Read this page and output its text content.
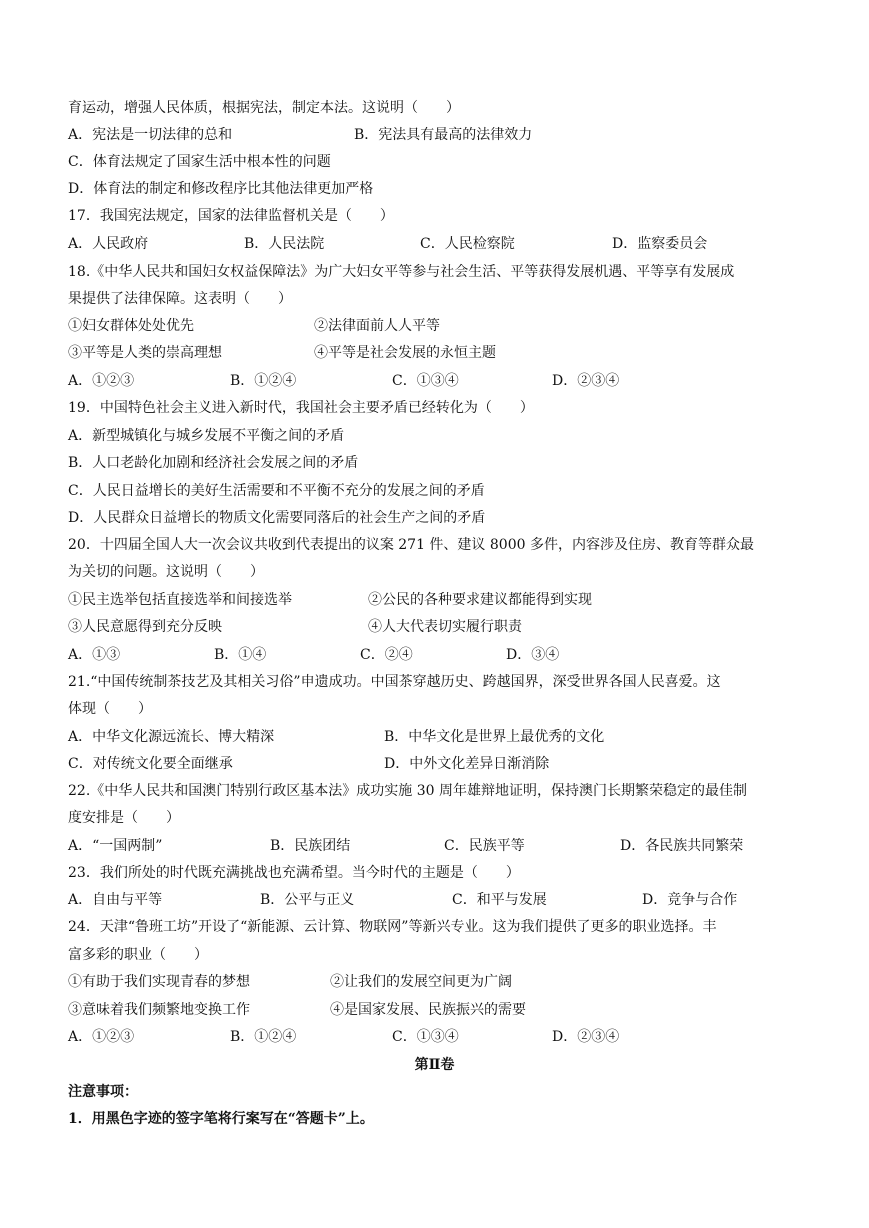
育运动，增强人民体质，根据宪法，制定本法。这说明（　　）
A．宪法是一切法律的总和	B．宪法具有最高的法律效力
C．体育法规定了国家生活中根本性的问题
D．体育法的制定和修改程序比其他法律更加严格
17．我国宪法规定，国家的法律监督机关是（　　）
A．人民政府	B．人民法院	C．人民检察院	D．监察委员会
18.《中华人民共和国妇女权益保障法》为广大妇女平等参与社会生活、平等获得发展机遇、平等享有发展成
果提供了法律保障。这表明（　　）
①妇女群体处处优先	②法律面前人人平等
③平等是人类的崇高理想	④平等是社会发展的永恒主题
A．①②③	B．①②④	C．①③④	D．②③④
19．中国特色社会主义进入新时代，我国社会主要矛盾已经转化为（　　）
A．新型城镇化与城乡发展不平衡之间的矛盾
B．人口老龄化加剧和经济社会发展之间的矛盾
C．人民日益增长的美好生活需要和不平衡不充分的发展之间的矛盾
D．人民群众日益增长的物质文化需要同落后的社会生产之间的矛盾
20．十四届全国人大一次会议共收到代表提出的议案 271 件、建议 8000 多件，内容涉及住房、教育等群众最
为关切的问题。这说明（　　）
①民主选举包括直接选举和间接选举	②公民的各种要求建议都能得到实现
③人民意愿得到充分反映	④人大代表切实履行职责
A．①③	B．①④	C．②④	D．③④
21.“中国传统制茶技艺及其相关习俗”申遗成功。中国茶穿越历史、跨越国界，深受世界各国人民喜爱。这
体现（　　）
A．中华文化源远流长、博大精深	B．中华文化是世界上最优秀的文化
C．对传统文化要全面继承	D．中外文化差异日渐消除
22.《中华人民共和国澳门特别行政区基本法》成功实施 30 周年雄辩地证明，保持澳门长期繁荣稳定的最佳制
度安排是（　　）
A．“一国两制”	B．民族团结	C．民族平等	D．各民族共同繁荣
23．我们所处的时代既充满挑战也充满希望。当今时代的主题是（　　）
A．自由与平等	B．公平与正义	C．和平与发展	D．竞争与合作
24．天津“鲁班工坊”开设了“新能源、云计算、物联网”等新兴专业。这为我们提供了更多的职业选择。丰
富多彩的职业（　　）
①有助于我们实现青春的梦想	②让我们的发展空间更为广阔
③意味着我们频繁地变换工作	④是国家发展、民族振兴的需要
A．①②③	B．①②④	C．①③④	D．②③④
第Ⅱ卷
注意事项：
1．用黑色字迹的签字笔将行案写在“答题卡”上。
